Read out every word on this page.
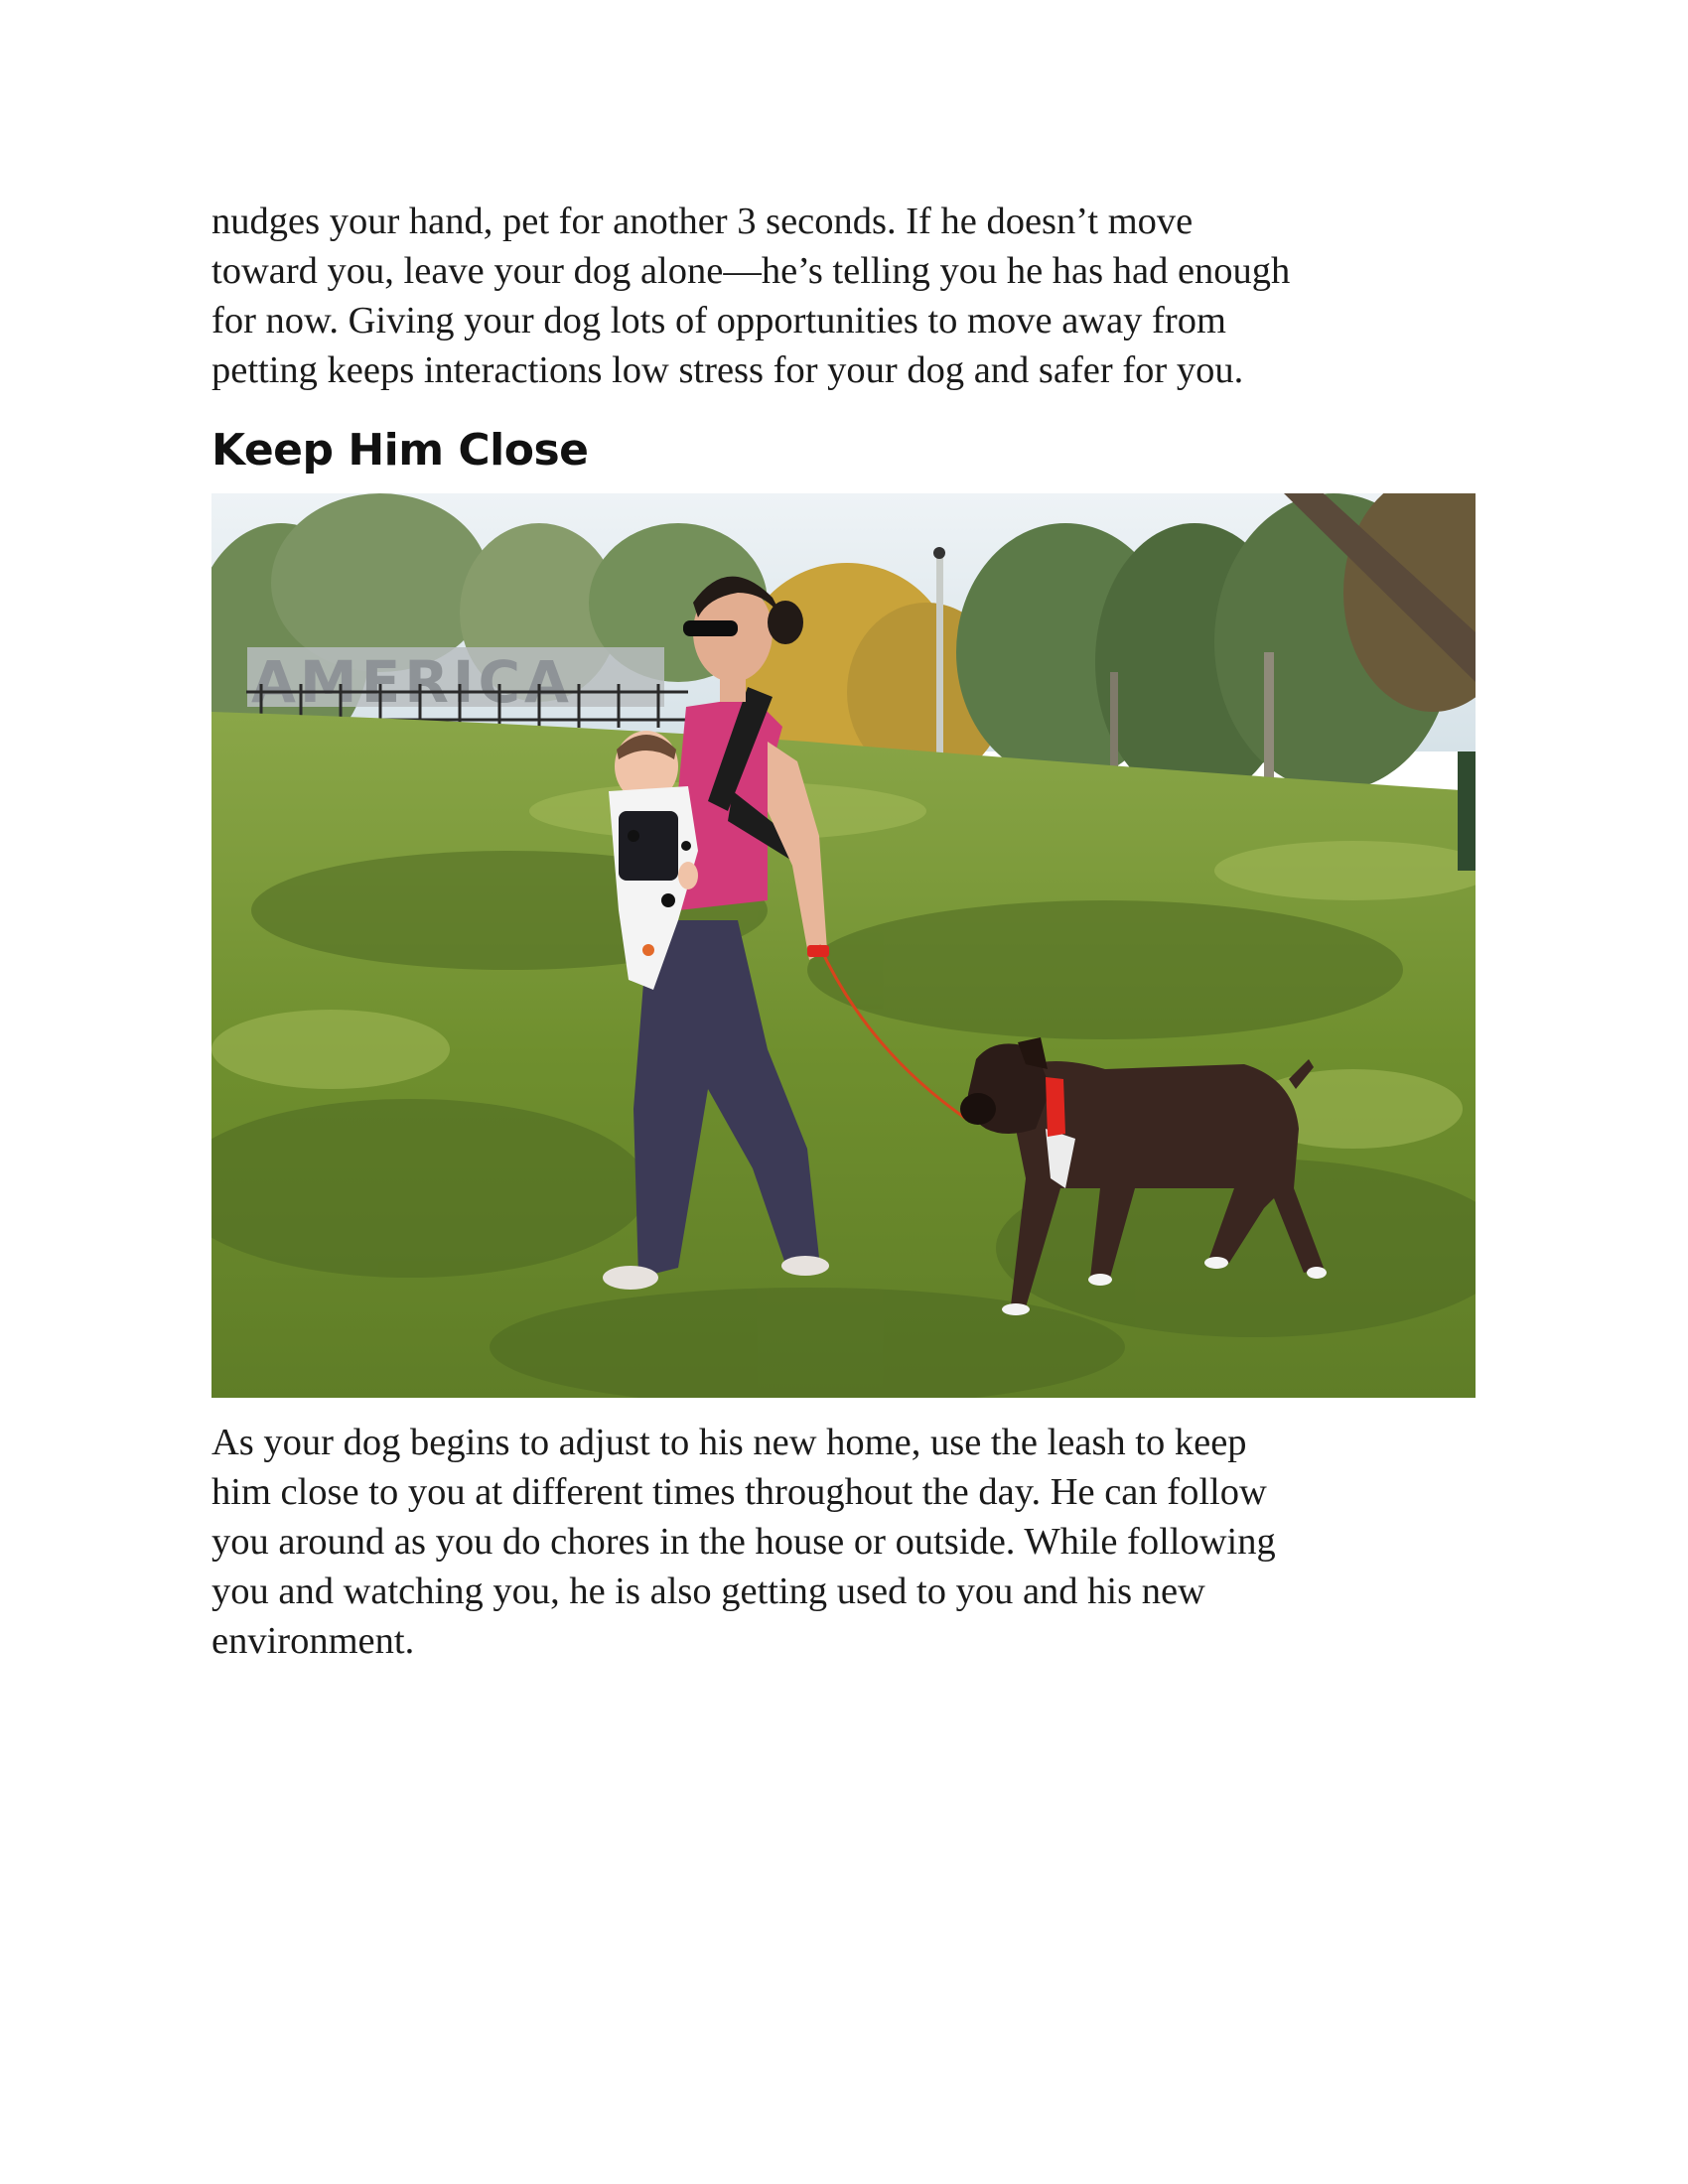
nudges your hand, pet for another 3 seconds. If he doesn’t move
toward you, leave your dog alone—he’s telling you he has had enough
for now. Giving your dog lots of opportunities to move away from
petting keeps interactions low stress for your dog and safer for you.

Keep Him Close
AMERICA

As your dog begins to adjust to his new home, use the leash to keep
him close to you at different times throughout the day. He can follow
you around as you do chores in the house or outside. While following
you and watching you, he is also getting used to you and his new
environment.
